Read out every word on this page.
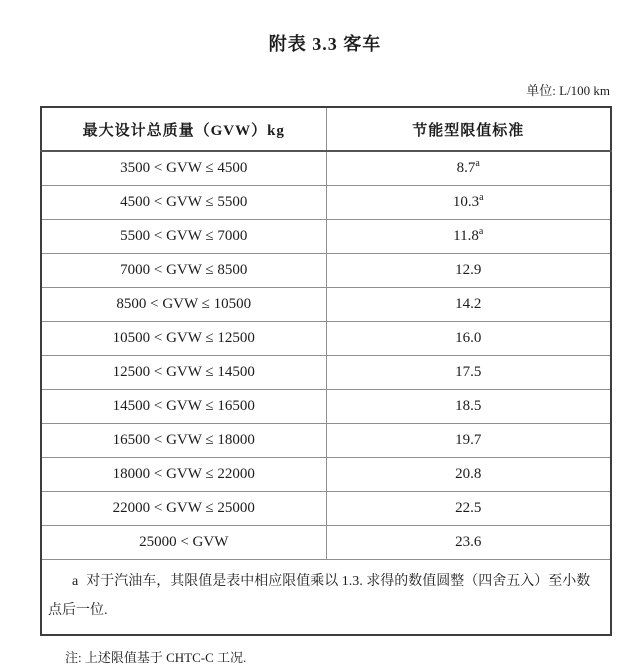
附表 3.3 客车
单位: L/100 km
最大设计总质量（GVW）kg	节能型限值标准
3500 < GVW ≤ 4500	8.7$^a$
4500 < GVW ≤ 5500	10.3$^a$
5500 < GVW ≤ 7000	11.8$^a$
7000 < GVW ≤ 8500	12.9
8500 < GVW ≤ 10500	14.2
10500 < GVW ≤ 12500	16.0
12500 < GVW ≤ 14500	17.5
14500 < GVW ≤ 16500	18.5
16500 < GVW ≤ 18000	19.7
18000 < GVW ≤ 22000	20.8
22000 < GVW ≤ 25000	22.5
25000 < GVW	23.6

a 对于汽油车，其限值是表中相应限值乘以 1.3. 求得的数值圆整（四舍五入）至小数点后一位.	

注: 上述限值基于 CHTC-C 工况.
